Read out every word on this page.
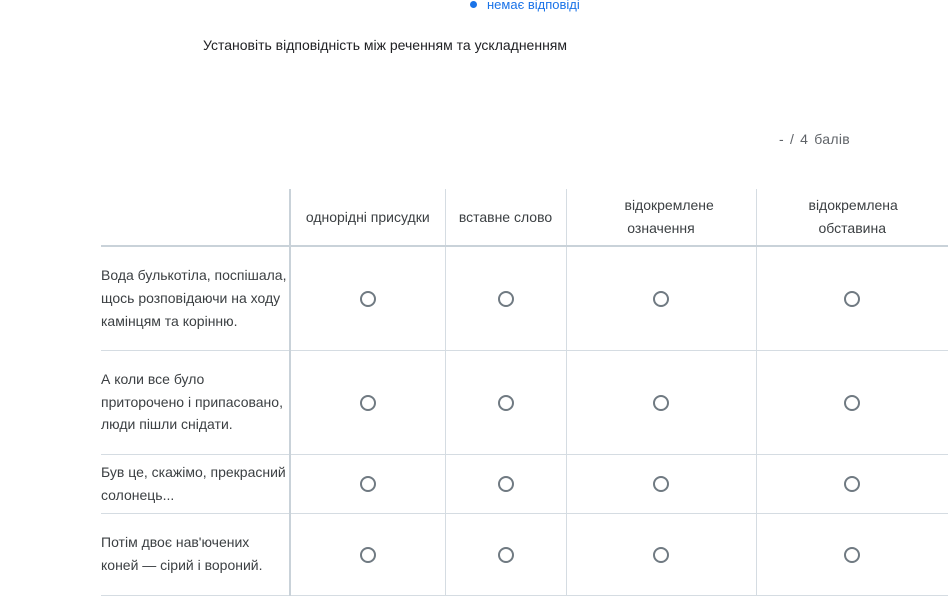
немає відповіді
Установіть відповідність між реченням та ускладненням
- / 4 балів
	однорідні присудки	вставне слово	відокремлене означення	відокремлена обставина
Вода булькотіла, поспішала, щось розповідаючи на ходу камінцям та корінню.				
А коли все було приторочено і припасовано, люди пішли снідати.				
Був це, скажімо, прекрасний солонець...				
Потім двоє нав'ючених коней — сірий і вороний.				
